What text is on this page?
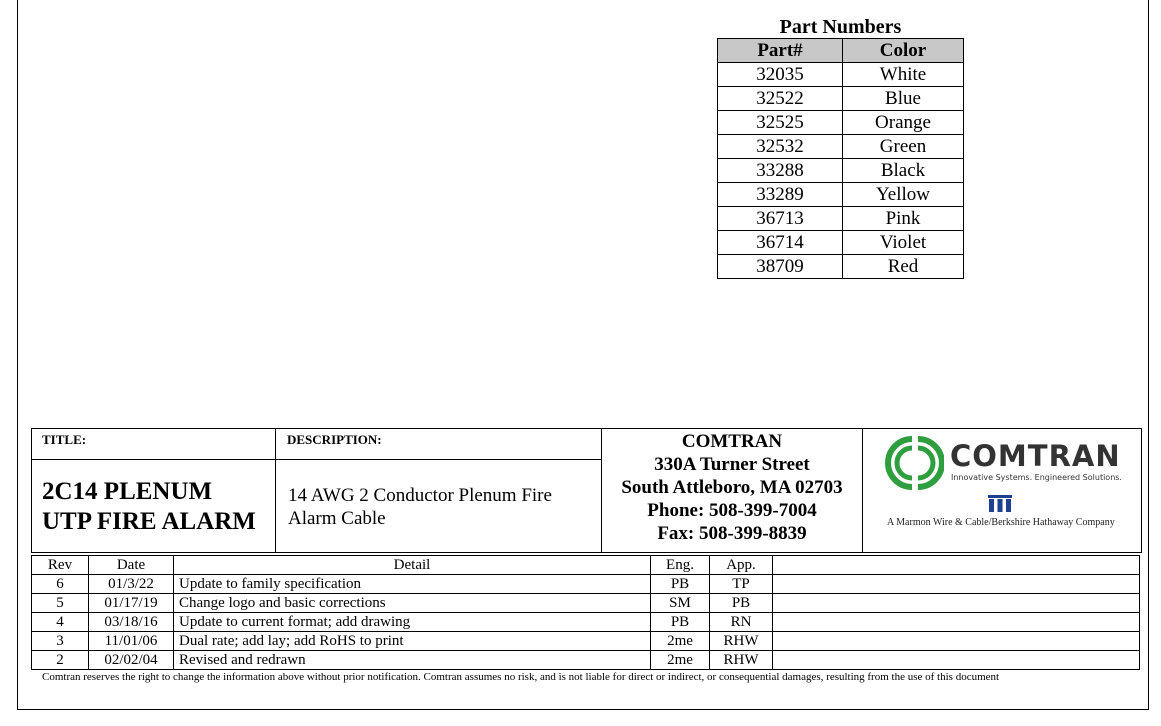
Part Numbers
Part#	Color
32035	White
32522	Blue
32525	Orange
32532	Green
33288	Black
33289	Yellow
36713	Pink
36714	Violet
38709	Red
TITLE:
2C14 PLENUM
UTP FIRE ALARM
DESCRIPTION:
14 AWG 2 Conductor Plenum Fire
Alarm Cable
COMTRAN
330A Turner Street
South Attleboro, MA 02703
Phone: 508-399-7004
Fax: 508-399-8839
COMTRAN
Innovative Systems. Engineered Solutions.
A Marmon Wire & Cable/Berkshire Hathaway Company
Rev	Date	Detail	Eng.	App.	
6	01/3/22	Update to family specification	PB	TP	
5	01/17/19	Change logo and basic corrections	SM	PB	
4	03/18/16	Update to current format; add drawing	PB	RN	
3	11/01/06	Dual rate; add lay; add RoHS to print	2me	RHW	
2	02/02/04	Revised and redrawn	2me	RHW	
Comtran reserves the right to change the information above without prior notification. Comtran assumes no risk, and is not liable for direct or indirect, or consequential damages, resulting from the use of this document
